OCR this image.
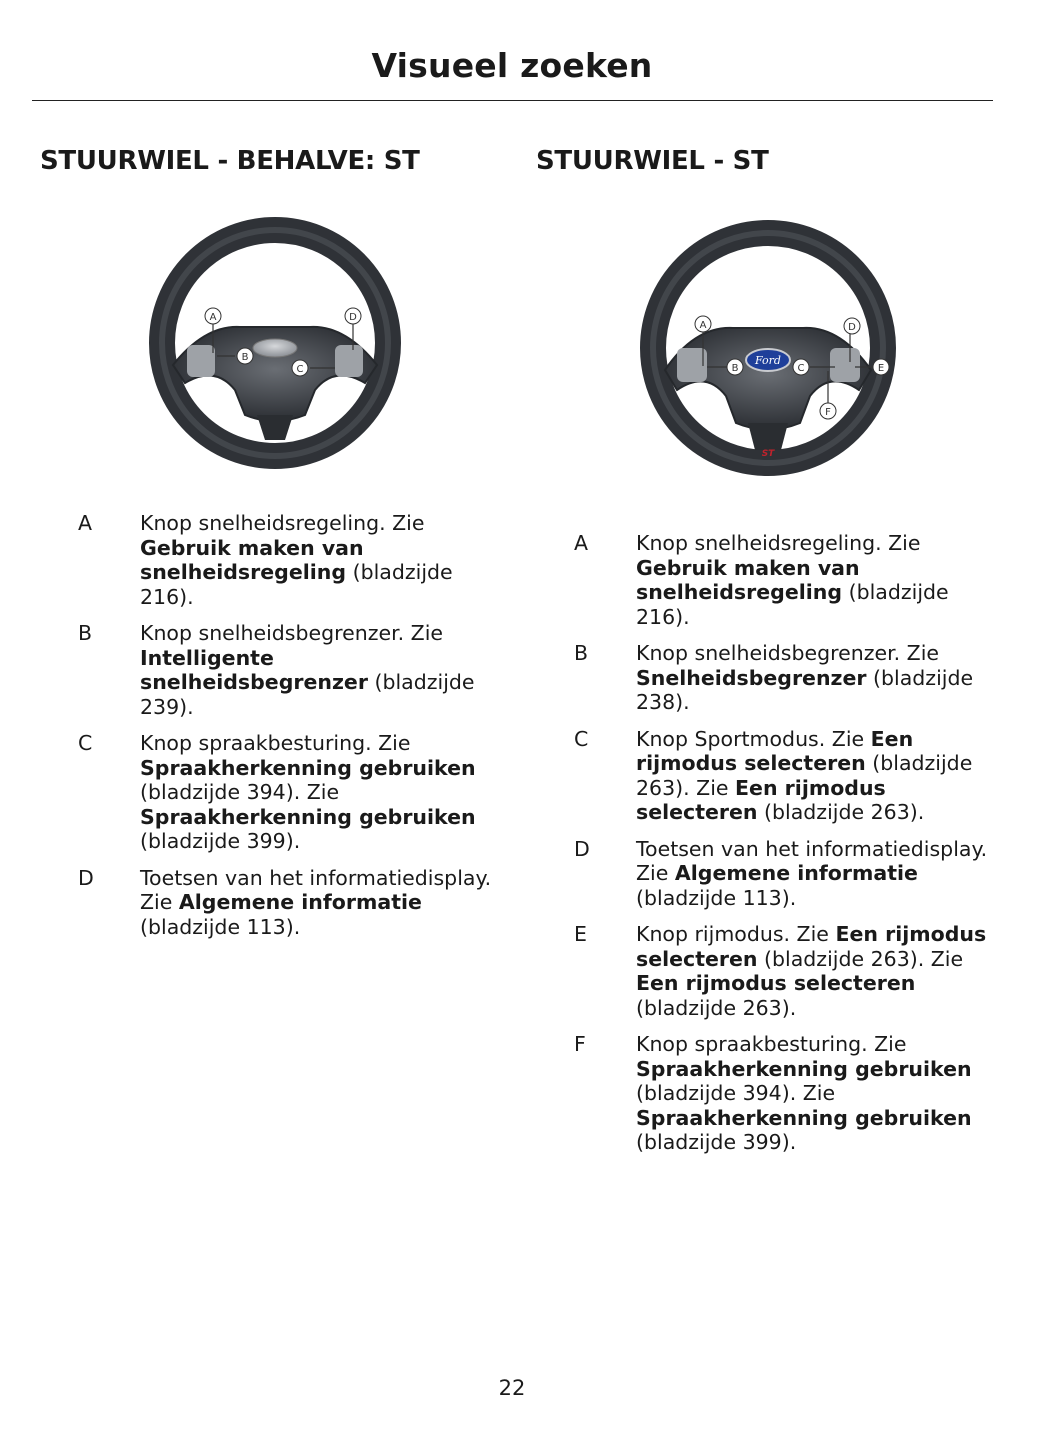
Visueel zoeken
STUURWIEL - BEHALVE: ST	STUURWIEL - ST
A
B
C
D
Ford
ST
A
B	C
D
E
F
A	Knop snelheidsregeling. Zie Gebruik maken van snelheidsregeling (bladzijde 216).
B	Knop snelheidsbegrenzer. Zie Intelligente snelheidsbegrenzer (bladzijde 239).
C	Knop spraakbesturing. Zie Spraakherkenning gebruiken (bladzijde 394). Zie Spraakherkenning gebruiken (bladzijde 399).
D	Toetsen van het informatiedisplay. Zie Algemene informatie (bladzijde 113).
A	Knop snelheidsregeling. Zie Gebruik maken van snelheidsregeling (bladzijde 216).
B	Knop snelheidsbegrenzer. Zie Snelheidsbegrenzer (bladzijde 238).
C	Knop Sportmodus. Zie Een rijmodus selecteren (bladzijde 263). Zie Een rijmodus selecteren (bladzijde 263).
D	Toetsen van het informatiedisplay. Zie Algemene informatie (bladzijde 113).
E	Knop rijmodus. Zie Een rijmodus selecteren (bladzijde 263). Zie Een rijmodus selecteren (bladzijde 263).
F	Knop spraakbesturing. Zie Spraakherkenning gebruiken (bladzijde 394). Zie Spraakherkenning gebruiken (bladzijde 399).
22
